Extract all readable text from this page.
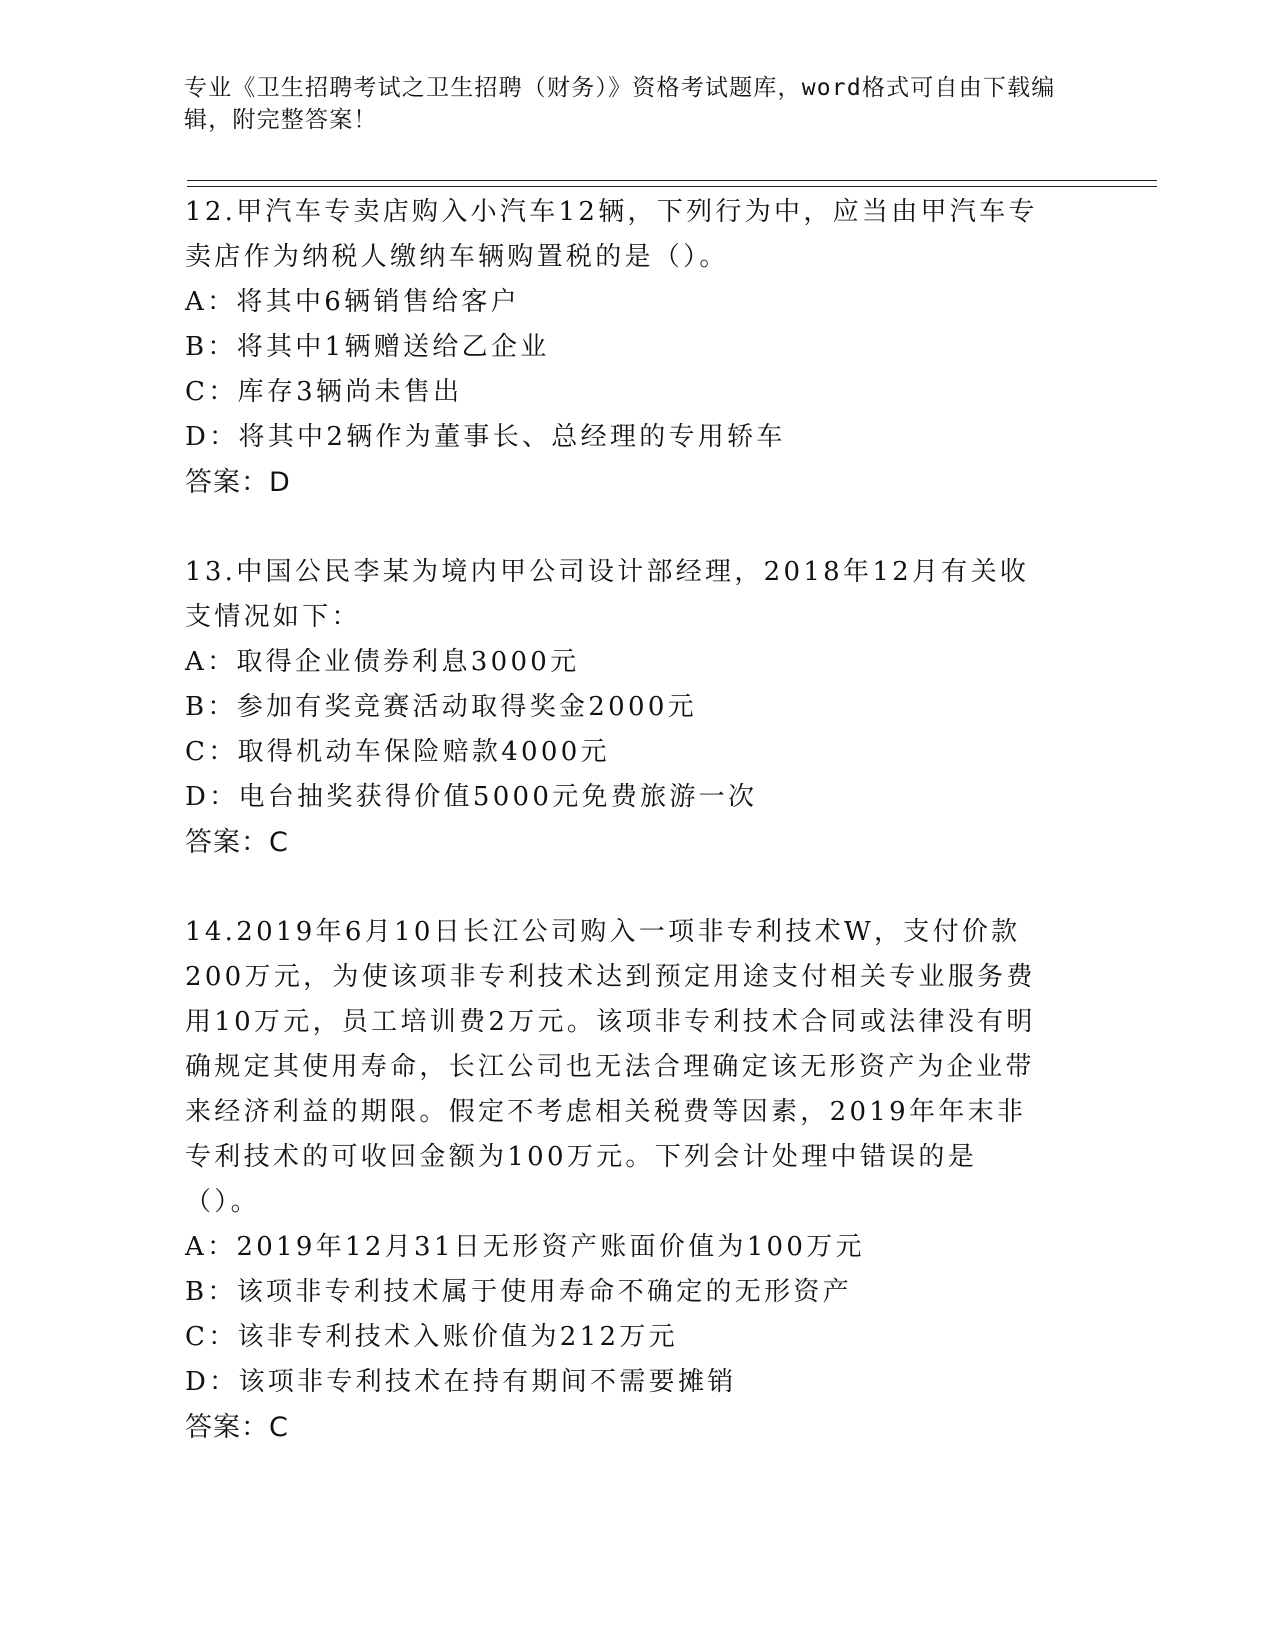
专业《卫生招聘考试之卫生招聘（财务）》资格考试题库，word格式可自由下载编辑，附完整答案！
12.甲汽车专卖店购入小汽车12辆，下列行为中，应当由甲汽车专卖店作为纳税人缴纳车辆购置税的是（）。
A：将其中6辆销售给客户
B：将其中1辆赠送给乙企业
C：库存3辆尚未售出
D：将其中2辆作为董事长、总经理的专用轿车
答案：D
13.中国公民李某为境内甲公司设计部经理，2018年12月有关收支情况如下：
A：取得企业债券利息3000元
B：参加有奖竞赛活动取得奖金2000元
C：取得机动车保险赔款4000元
D：电台抽奖获得价值5000元免费旅游一次
答案：C
14.2019年6月10日长江公司购入一项非专利技术W，支付价款200万元，为使该项非专利技术达到预定用途支付相关专业服务费用10万元，员工培训费2万元。该项非专利技术合同或法律没有明确规定其使用寿命，长江公司也无法合理确定该无形资产为企业带来经济利益的期限。假定不考虑相关税费等因素，2019年年末非专利技术的可收回金额为100万元。下列会计处理中错误的是（）。
A：2019年12月31日无形资产账面价值为100万元
B：该项非专利技术属于使用寿命不确定的无形资产
C：该非专利技术入账价值为212万元
D：该项非专利技术在持有期间不需要摊销
答案：C
